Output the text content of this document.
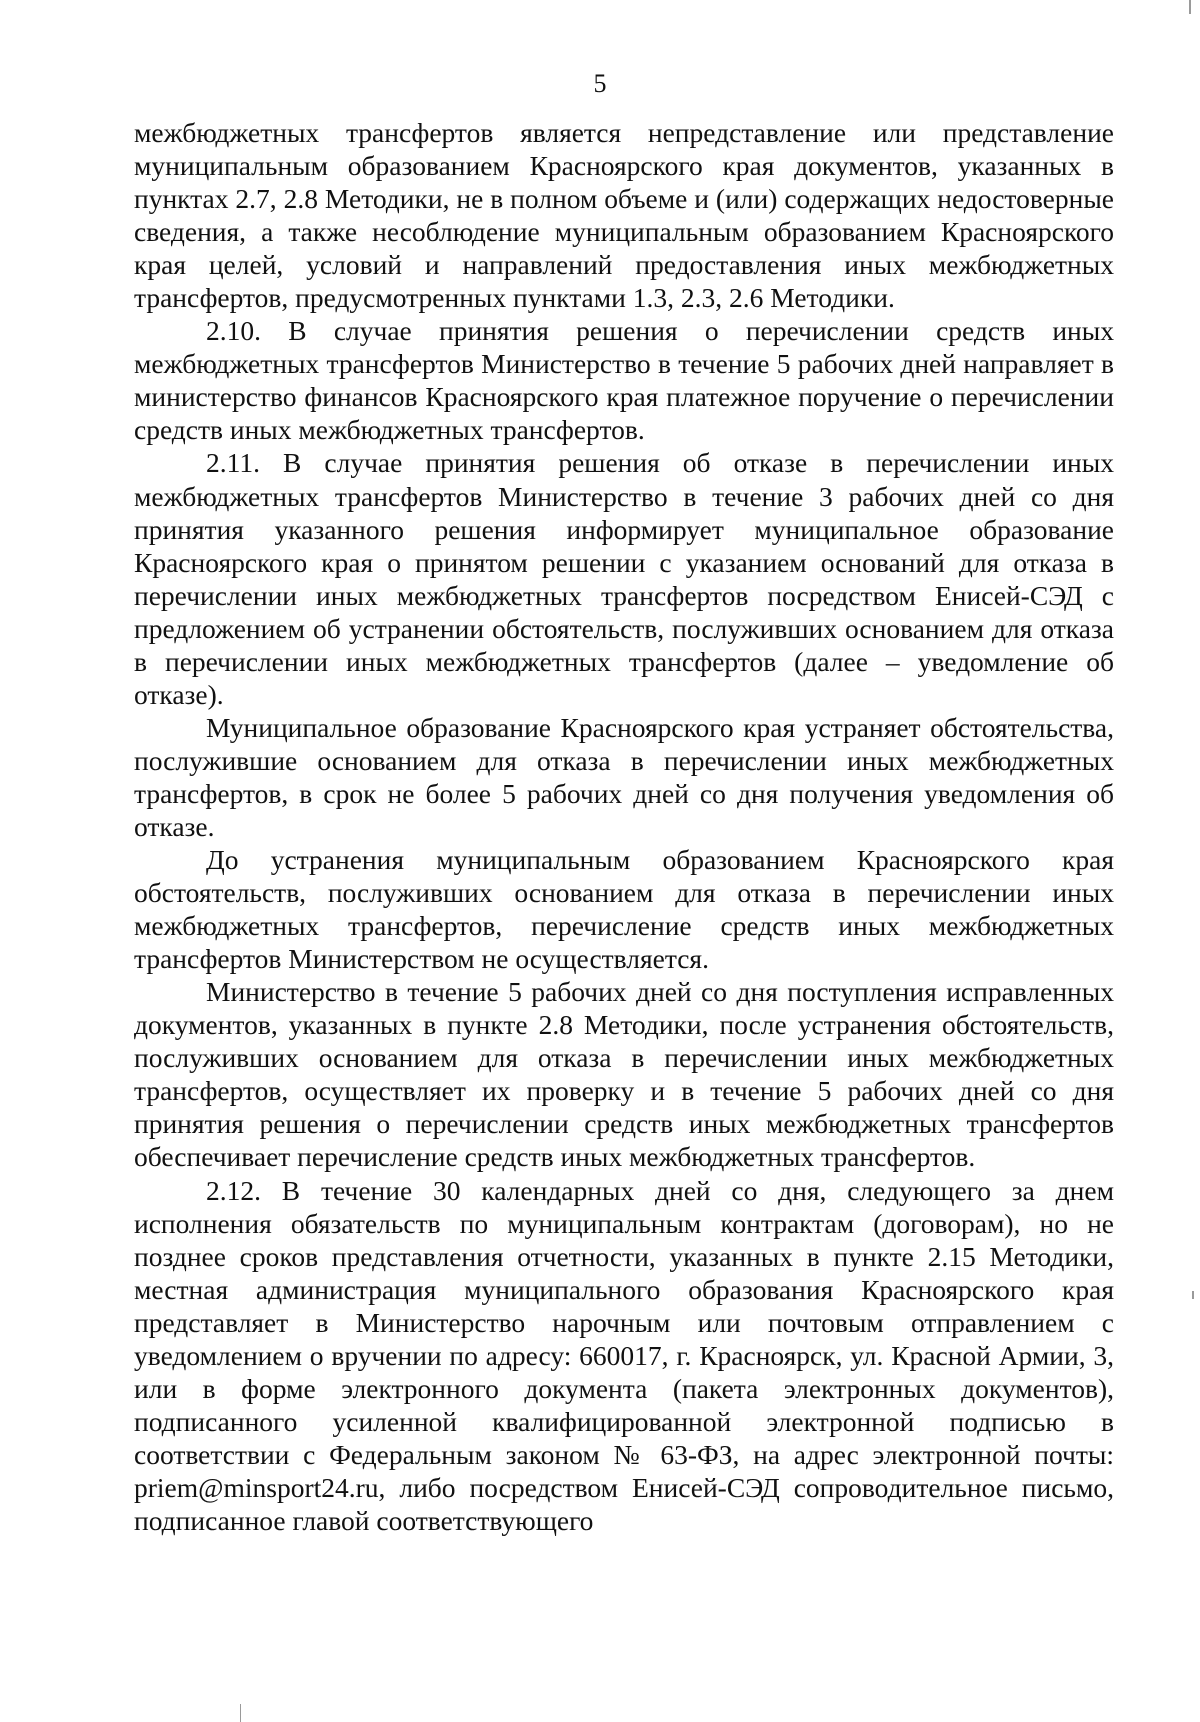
5

межбюджетных трансфертов является непредставление или представление муниципальным образованием Красноярского края документов, указанных в пунктах 2.7, 2.8 Методики, не в полном объеме и (или) содержащих недостоверные сведения, а также несоблюдение муниципальным образованием Красноярского края целей, условий и направлений предоставления иных межбюджетных трансфертов, предусмотренных пунктами 1.3, 2.3, 2.6 Методики.

2.10. В случае принятия решения о перечислении средств иных межбюджетных трансфертов Министерство в течение 5 рабочих дней направляет в министерство финансов Красноярского края платежное поручение о перечислении средств иных межбюджетных трансфертов.

2.11. В случае принятия решения об отказе в перечислении иных межбюджетных трансфертов Министерство в течение 3 рабочих дней со дня принятия указанного решения информирует муниципальное образование Красноярского края о принятом решении с указанием оснований для отказа в перечислении иных межбюджетных трансфертов посредством Енисей-СЭД с предложением об устранении обстоятельств, послуживших основанием для отказа в перечислении иных межбюджетных трансфертов (далее – уведомление об отказе).

Муниципальное образование Красноярского края устраняет обстоятельства, послужившие основанием для отказа в перечислении иных межбюджетных трансфертов, в срок не более 5 рабочих дней со дня получения уведомления об отказе.

До устранения муниципальным образованием Красноярского края обстоятельств, послуживших основанием для отказа в перечислении иных межбюджетных трансфертов, перечисление средств иных межбюджетных трансфертов Министерством не осуществляется.

Министерство в течение 5 рабочих дней со дня поступления исправленных документов, указанных в пункте 2.8 Методики, после устранения обстоятельств, послуживших основанием для отказа в перечислении иных межбюджетных трансфертов, осуществляет их проверку и в течение 5 рабочих дней со дня принятия решения о перечислении средств иных межбюджетных трансфертов обеспечивает перечисление средств иных межбюджетных трансфертов.

2.12. В течение 30 календарных дней со дня, следующего за днем исполнения обязательств по муниципальным контрактам (договорам), но не позднее сроков представления отчетности, указанных в пункте 2.15 Методики, местная администрация муниципального образования Красноярского края представляет в Министерство нарочным или почтовым отправлением с уведомлением о вручении по адресу: 660017, г. Красноярск, ул. Красной Армии, 3, или в форме электронного документа (пакета электронных документов), подписанного усиленной квалифицированной электронной подписью в соответствии с Федеральным законом № 63-ФЗ, на адрес электронной почты: priem@minsport24.ru, либо посредством Енисей-СЭД сопроводительное письмо, подписанное главой соответствующего
